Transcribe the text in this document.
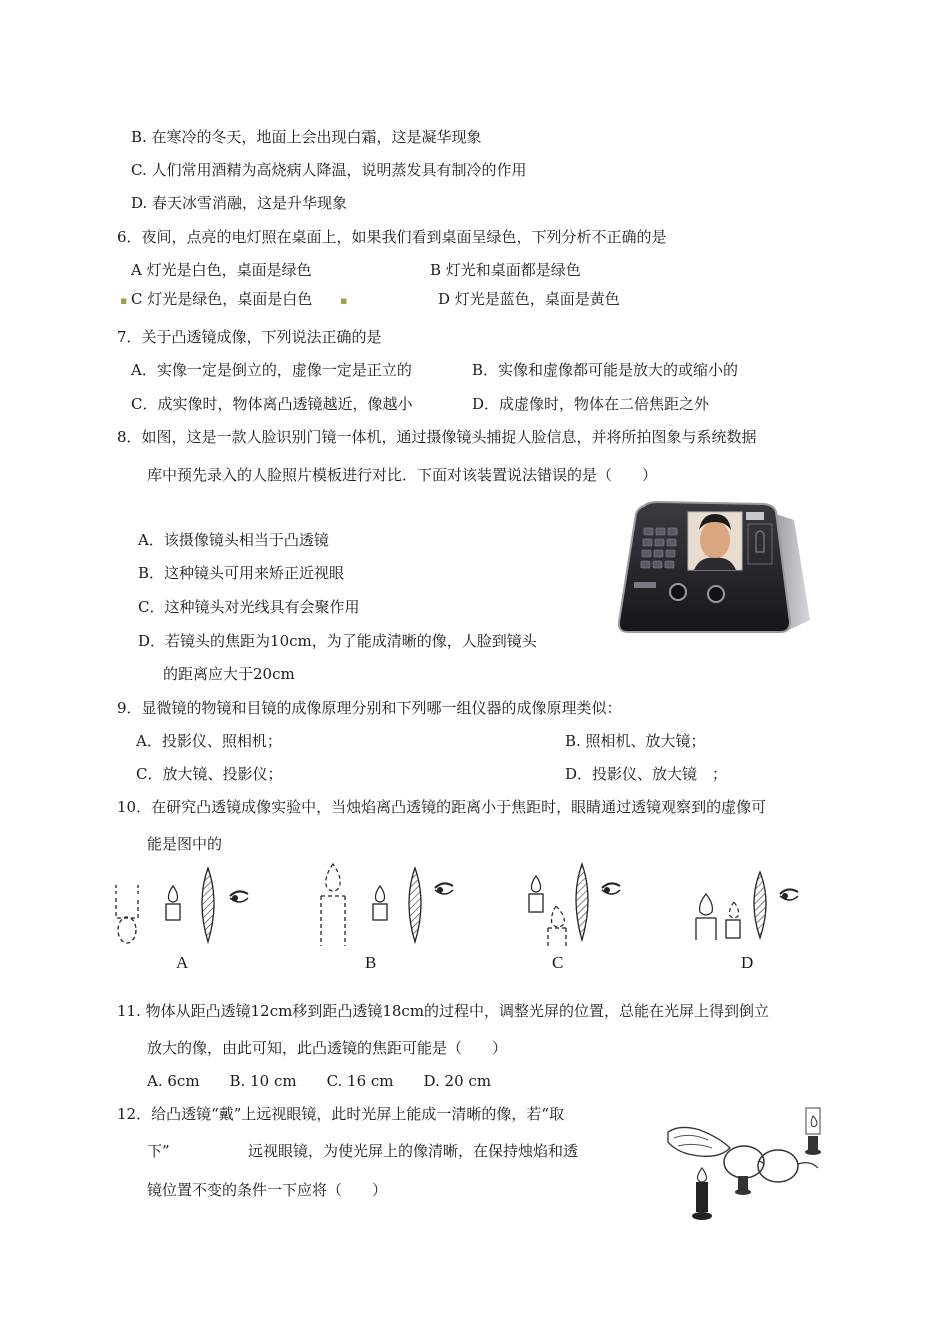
B. 在寒冷的冬天，地面上会出现白霜，这是凝华现象
C. 人们常用酒精为高烧病人降温，说明蒸发具有制冷的作用
D. 春天冰雪消融，这是升华现象
6．夜间，点亮的电灯照在桌面上，如果我们看到桌面呈绿色，下列分析不正确的是
A 灯光是白色，桌面是绿色	B 灯光和桌面都是绿色
▪ C 灯光是绿色，桌面是白色	▪	D 灯光是蓝色，桌面是黄色
7．关于凸透镜成像，下列说法正确的是
A．实像一定是倒立的，虚像一定是正立的	B．实像和虚像都可能是放大的或缩小的
C．成实像时，物体离凸透镜越近，像越小	D．成虚像时，物体在二倍焦距之外
8．如图，这是一款人脸识别门镜一体机，通过摄像镜头捕捉人脸信息，并将所拍图象与系统数据
库中预先录入的人脸照片模板进行对比．下面对该装置说法错误的是（　　）
A．该摄像镜头相当于凸透镜
B．这种镜头可用来矫正近视眼
C．这种镜头对光线具有会聚作用
D．若镜头的焦距为10cm，为了能成清晰的像，人脸到镜头
的距离应大于20cm
9．显微镜的物镜和目镜的成像原理分别和下列哪一组仪器的成像原理类似：
A．投影仪、照相机；	B. 照相机、放大镜；
C．放大镜、投影仪；	D．投影仪、放大镜　；
10．在研究凸透镜成像实验中，当烛焰离凸透镜的距离小于焦距时，眼睛通过透镜观察到的虚像可
能是图中的
A	B	C	D
11. 物体从距凸透镜12cm移到距凸透镜18cm的过程中，调整光屏的位置，总能在光屏上得到倒立
放大的像，由此可知，此凸透镜的焦距可能是（　　）
A. 6cm　　B. 10 cm　　C. 16 cm　　D. 20 cm
12．给凸透镜“戴”上远视眼镜，此时光屏上能成一清晰的像，若“取
下”	远视眼镜，为使光屏上的像清晰，在保持烛焰和透
镜位置不变的条件一下应将（　　）
